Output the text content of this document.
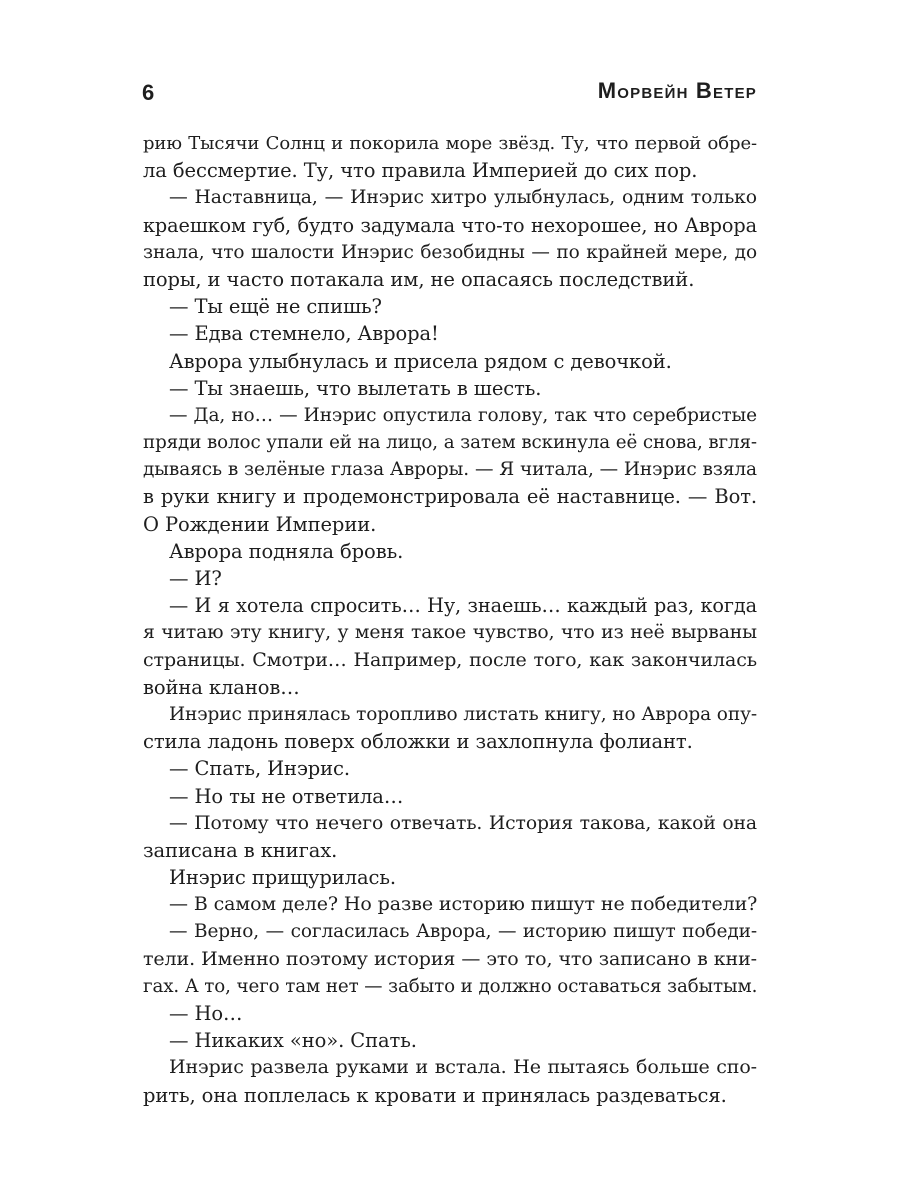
6	Морвейн Ветер
рию Тысячи Солнц и покорила море звёзд. Ту, что первой обре-
ла бессмертие. Ту, что правила Империей до сих пор.
— Наставница, — Инэрис хитро улыбнулась, одним только
краешком губ, будто задумала что-то нехорошее, но Аврора
знала, что шалости Инэрис безобидны — по крайней мере, до
поры, и часто потакала им, не опасаясь последствий.
— Ты ещё не спишь?
— Едва стемнело, Аврора!
Аврора улыбнулась и присела рядом с девочкой.
— Ты знаешь, что вылетать в шесть.
— Да, но… — Инэрис опустила голову, так что серебристые
пряди волос упали ей на лицо, а затем вскинула её снова, вгля-
дываясь в зелёные глаза Авроры. — Я читала, — Инэрис взяла
в руки книгу и продемонстрировала её наставнице. — Вот.
О Рождении Империи.
Аврора подняла бровь.
— И?
— И я хотела спросить… Ну, знаешь… каждый раз, когда
я читаю эту книгу, у меня такое чувство, что из неё вырваны
страницы. Смотри… Например, после того, как закончилась
война кланов…
Инэрис принялась торопливо листать книгу, но Аврора опу-
стила ладонь поверх обложки и захлопнула фолиант.
— Спать, Инэрис.
— Но ты не ответила…
— Потому что нечего отвечать. История такова, какой она
записана в книгах.
Инэрис прищурилась.
— В самом деле? Но разве историю пишут не победители?
— Верно, — согласилась Аврора, — историю пишут победи-
тели. Именно поэтому история — это то, что записано в кни-
гах. А то, чего там нет — забыто и должно оставаться забытым.
— Но…
— Никаких «но». Спать.
Инэрис развела руками и встала. Не пытаясь больше спо-
рить, она поплелась к кровати и принялась раздеваться.
